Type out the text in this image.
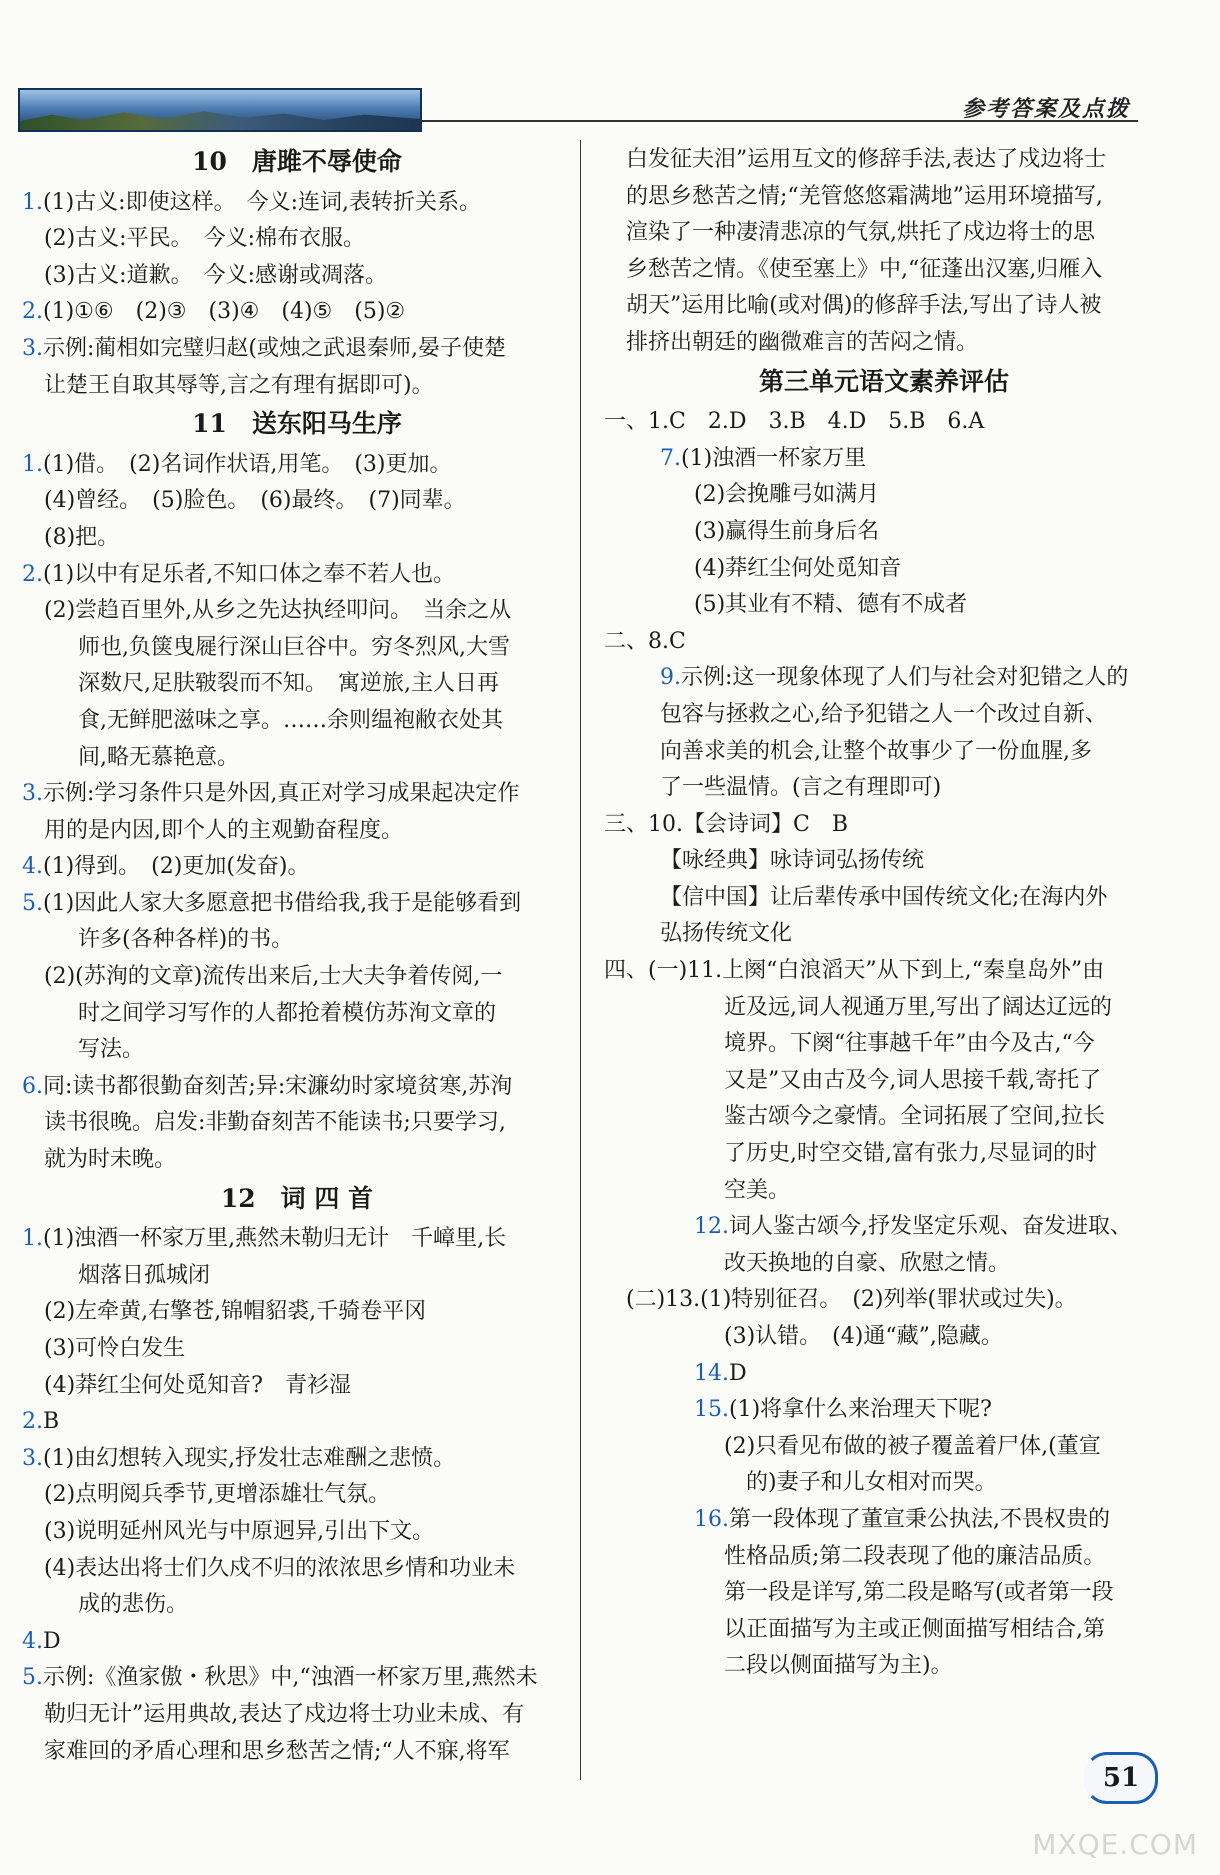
参考答案及点拨
10　唐雎不辱使命
1.(1)古义:即使这样。　今义:连词,表转折关系。
(2)古义:平民。　今义:棉布衣服。
(3)古义:道歉。　今义:感谢或凋落。
2.(1)①⑥　(2)③　(3)④　(4)⑤　(5)②
3.示例:蔺相如完璧归赵(或烛之武退秦师,晏子使楚
让楚王自取其辱等,言之有理有据即可)。
11　送东阳马生序
1.(1)借。　(2)名词作状语,用笔。　(3)更加。
(4)曾经。　(5)脸色。　(6)最终。　(7)同辈。
(8)把。
2.(1)以中有足乐者,不知口体之奉不若人也。
(2)尝趋百里外,从乡之先达执经叩问。　当余之从
师也,负箧曳屣行深山巨谷中。穷冬烈风,大雪
深数尺,足肤皲裂而不知。　寓逆旅,主人日再
食,无鲜肥滋味之享。……余则缊袍敝衣处其
间,略无慕艳意。
3.示例:学习条件只是外因,真正对学习成果起决定作
用的是内因,即个人的主观勤奋程度。
4.(1)得到。　(2)更加(发奋)。
5.(1)因此人家大多愿意把书借给我,我于是能够看到
许多(各种各样)的书。
(2)(苏洵的文章)流传出来后,士大夫争着传阅,一
时之间学习写作的人都抢着模仿苏洵文章的
写法。
6.同:读书都很勤奋刻苦;异:宋濂幼时家境贫寒,苏洵
读书很晚。启发:非勤奋刻苦不能读书;只要学习,
就为时未晚。
12　词 四 首
1.(1)浊酒一杯家万里,燕然未勒归无计　千嶂里,长
烟落日孤城闭
(2)左牵黄,右擎苍,锦帽貂裘,千骑卷平冈
(3)可怜白发生
(4)莽红尘何处觅知音?　青衫湿
2.B
3.(1)由幻想转入现实,抒发壮志难酬之悲愤。
(2)点明阅兵季节,更增添雄壮气氛。
(3)说明延州风光与中原迥异,引出下文。
(4)表达出将士们久戍不归的浓浓思乡情和功业未
成的悲伤。
4.D
5.示例:《渔家傲・秋思》中,“浊酒一杯家万里,燕然未
勒归无计”运用典故,表达了戍边将士功业未成、有
家难回的矛盾心理和思乡愁苦之情;“人不寐,将军
白发征夫泪”运用互文的修辞手法,表达了戍边将士
的思乡愁苦之情;“羌管悠悠霜满地”运用环境描写,
渲染了一种凄清悲凉的气氛,烘托了戍边将士的思
乡愁苦之情。《使至塞上》中,“征蓬出汉塞,归雁入
胡天”运用比喻(或对偶)的修辞手法,写出了诗人被
排挤出朝廷的幽微难言的苦闷之情。
第三单元语文素养评估
一、1.C　2.D　3.B　4.D　5.B　6.A
7.(1)浊酒一杯家万里
(2)会挽雕弓如满月
(3)赢得生前身后名
(4)莽红尘何处觅知音
(5)其业有不精、德有不成者
二、8.C
9.示例:这一现象体现了人们与社会对犯错之人的
包容与拯救之心,给予犯错之人一个改过自新、
向善求美的机会,让整个故事少了一份血腥,多
了一些温情。(言之有理即可)
三、10.【会诗词】C　B
【咏经典】咏诗词弘扬传统
【信中国】让后辈传承中国传统文化;在海内外
弘扬传统文化
四、(一)11.上阕“白浪滔天”从下到上,“秦皇岛外”由
近及远,词人视通万里,写出了阔达辽远的
境界。下阕“往事越千年”由今及古,“今
又是”又由古及今,词人思接千载,寄托了
鉴古颂今之豪情。全词拓展了空间,拉长
了历史,时空交错,富有张力,尽显词的时
空美。
12.词人鉴古颂今,抒发坚定乐观、奋发进取、
改天换地的自豪、欣慰之情。
(二)13.(1)特别征召。　(2)列举(罪状或过失)。
(3)认错。　(4)通“藏”,隐藏。
14.D
15.(1)将拿什么来治理天下呢?
(2)只看见布做的被子覆盖着尸体,(董宣
　的)妻子和儿女相对而哭。
16.第一段体现了董宣秉公执法,不畏权贵的
性格品质;第二段表现了他的廉洁品质。
第一段是详写,第二段是略写(或者第一段
以正面描写为主或正侧面描写相结合,第
二段以侧面描写为主)。
51
MXQE.COM
